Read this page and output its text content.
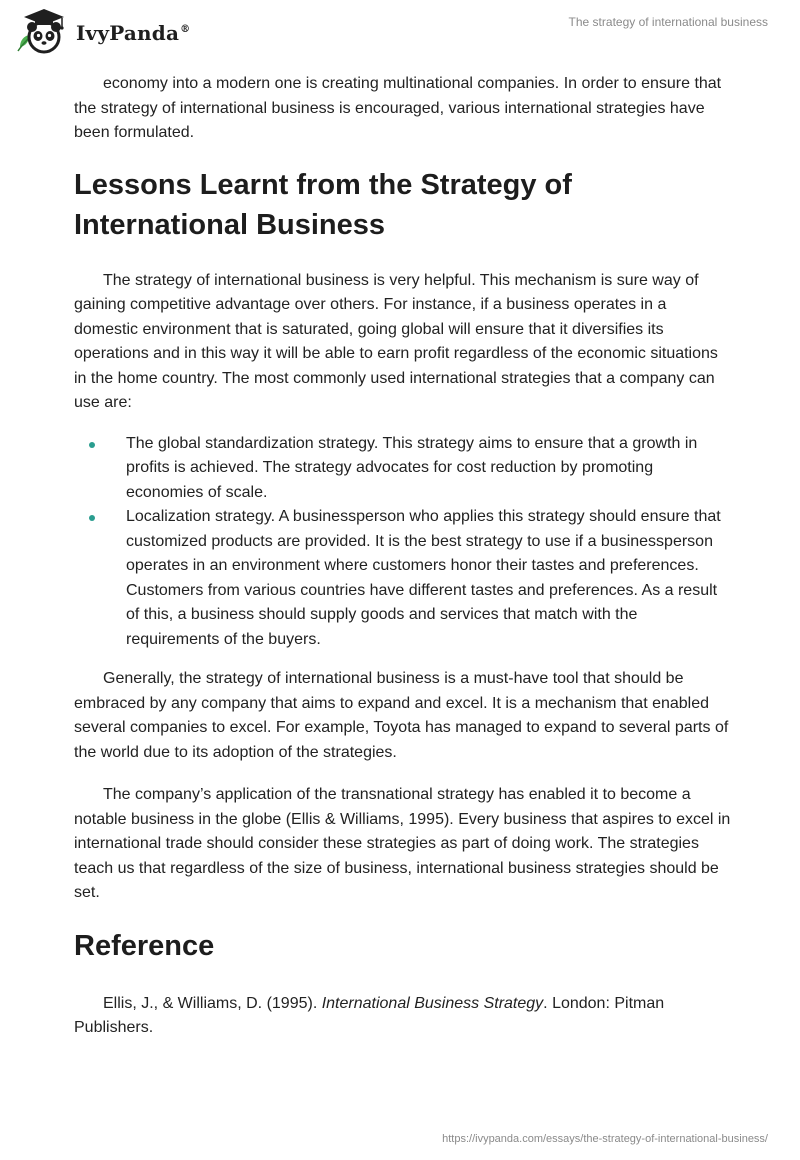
IvyPanda®
The strategy of international business

economy into a modern one is creating multinational companies. In order to ensure that the strategy of international business is encouraged, various international strategies have been formulated.

Lessons Learnt from the Strategy of International Business

The strategy of international business is very helpful. This mechanism is sure way of gaining competitive advantage over others. For instance, if a business operates in a domestic environment that is saturated, going global will ensure that it diversifies its operations and in this way it will be able to earn profit regardless of the economic situations in the home country. The most commonly used international strategies that a company can use are:

The global standardization strategy. This strategy aims to ensure that a growth in profits is achieved. The strategy advocates for cost reduction by promoting economies of scale.
Localization strategy. A businessperson who applies this strategy should ensure that customized products are provided. It is the best strategy to use if a businessperson operates in an environment where customers honor their tastes and preferences. Customers from various countries have different tastes and preferences. As a result of this, a business should supply goods and services that match with the requirements of the buyers.

Generally, the strategy of international business is a must-have tool that should be embraced by any company that aims to expand and excel. It is a mechanism that enabled several companies to excel. For example, Toyota has managed to expand to several parts of the world due to its adoption of the strategies.

The company’s application of the transnational strategy has enabled it to become a notable business in the globe (Ellis & Williams, 1995). Every business that aspires to excel in international trade should consider these strategies as part of doing work. The strategies teach us that regardless of the size of business, international business strategies should be set.

Reference

Ellis, J., & Williams, D. (1995). International Business Strategy. London: Pitman Publishers.

https://ivypanda.com/essays/the-strategy-of-international-business/
